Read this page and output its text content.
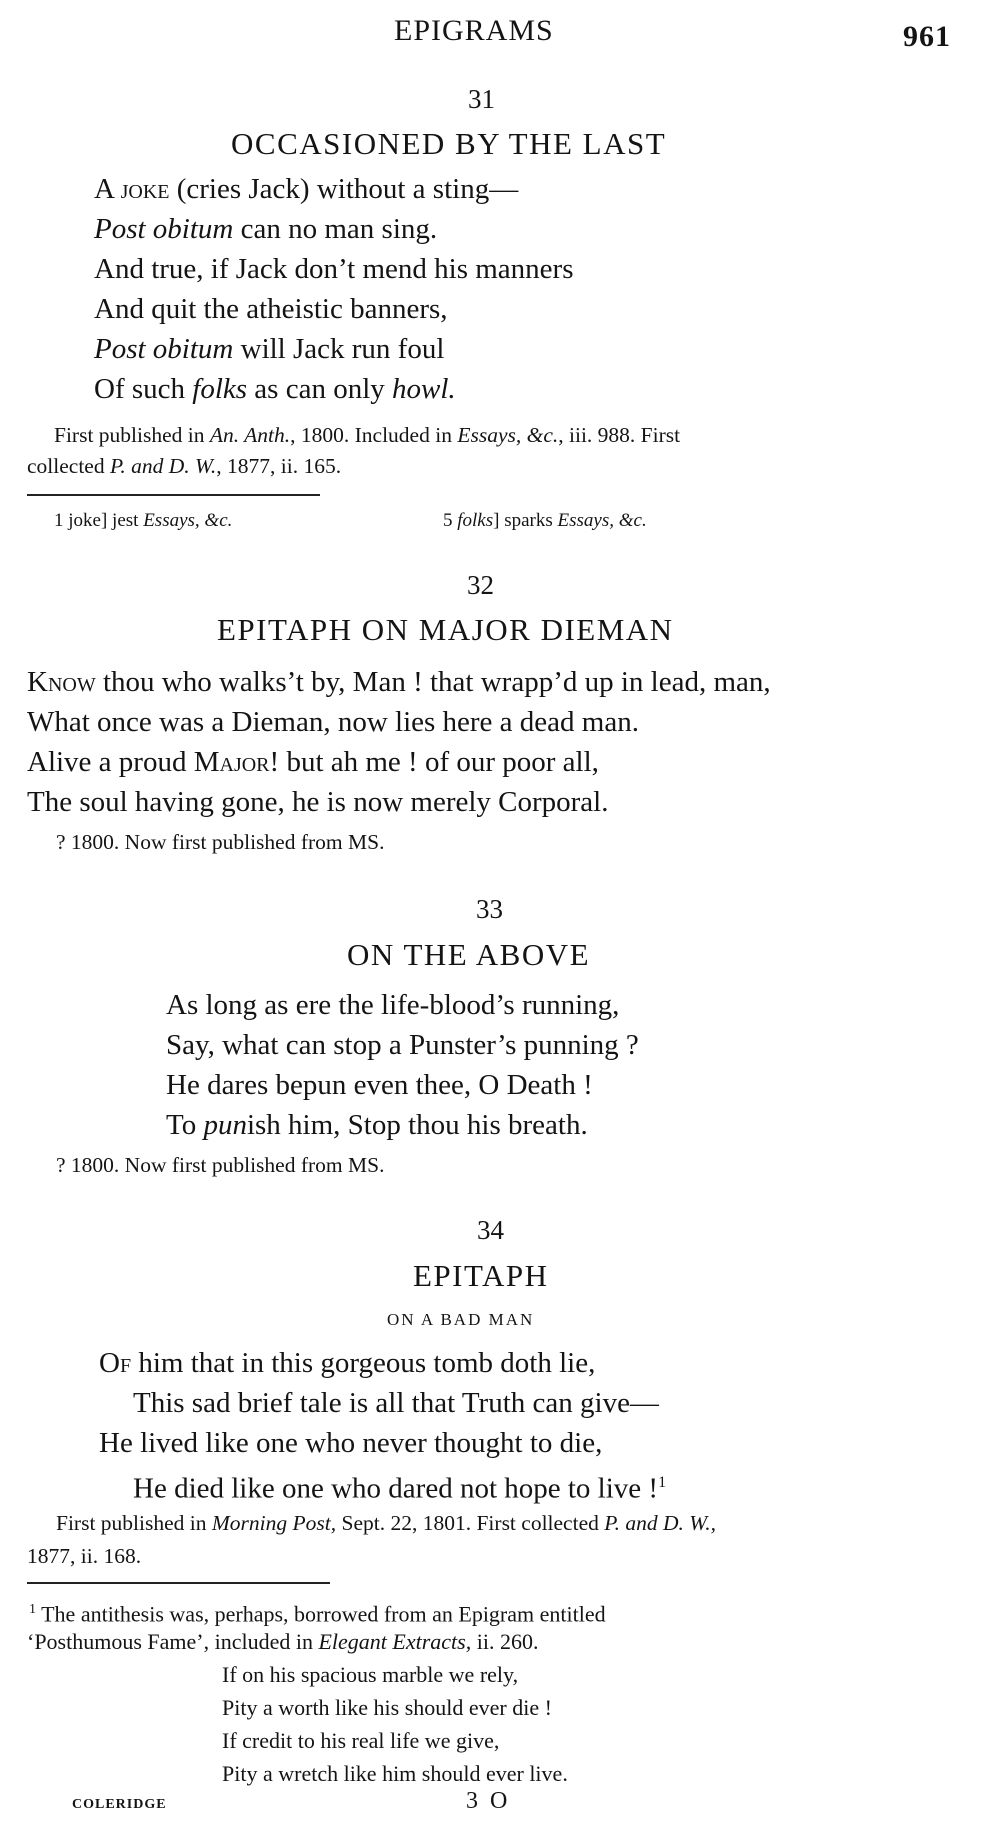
EPIGRAMS	961
31
OCCASIONED BY THE LAST
A joke (cries Jack) without a sting—
Post obitum can no man sing.
And true, if Jack don’t mend his manners
And quit the atheistic banners,
Post obitum will Jack run foul
Of such folks as can only howl.
First published in An. Anth., 1800. Included in Essays, &c., iii. 988. First
collected P. and D. W., 1877, ii. 165.
1 joke] jest Essays, &c.	5 folks] sparks Essays, &c.
32
EPITAPH ON MAJOR DIEMAN
Know thou who walks’t by, Man ! that wrapp’d up in lead, man,
What once was a Dieman, now lies here a dead man.
Alive a proud Major! but ah me ! of our poor all,
The soul having gone, he is now merely Corporal.
? 1800. Now first published from MS.
33
ON THE ABOVE
As long as ere the life-blood’s running,
Say, what can stop a Punster’s punning ?
He dares bepun even thee, O Death !
To punish him, Stop thou his breath.
? 1800. Now first published from MS.
34
EPITAPH
ON A BAD MAN
Of him that in this gorgeous tomb doth lie,
This sad brief tale is all that Truth can give—
He lived like one who never thought to die,
He died like one who dared not hope to live !$^1$
First published in Morning Post, Sept. 22, 1801. First collected P. and D. W.,
1877, ii. 168.
$^1$ The antithesis was, perhaps, borrowed from an Epigram entitled
‘Posthumous Fame’, included in Elegant Extracts, ii. 260.
If on his spacious marble we rely,
Pity a worth like his should ever die !
If credit to his real life we give,
Pity a wretch like him should ever live.
COLERIDGE	3 O
